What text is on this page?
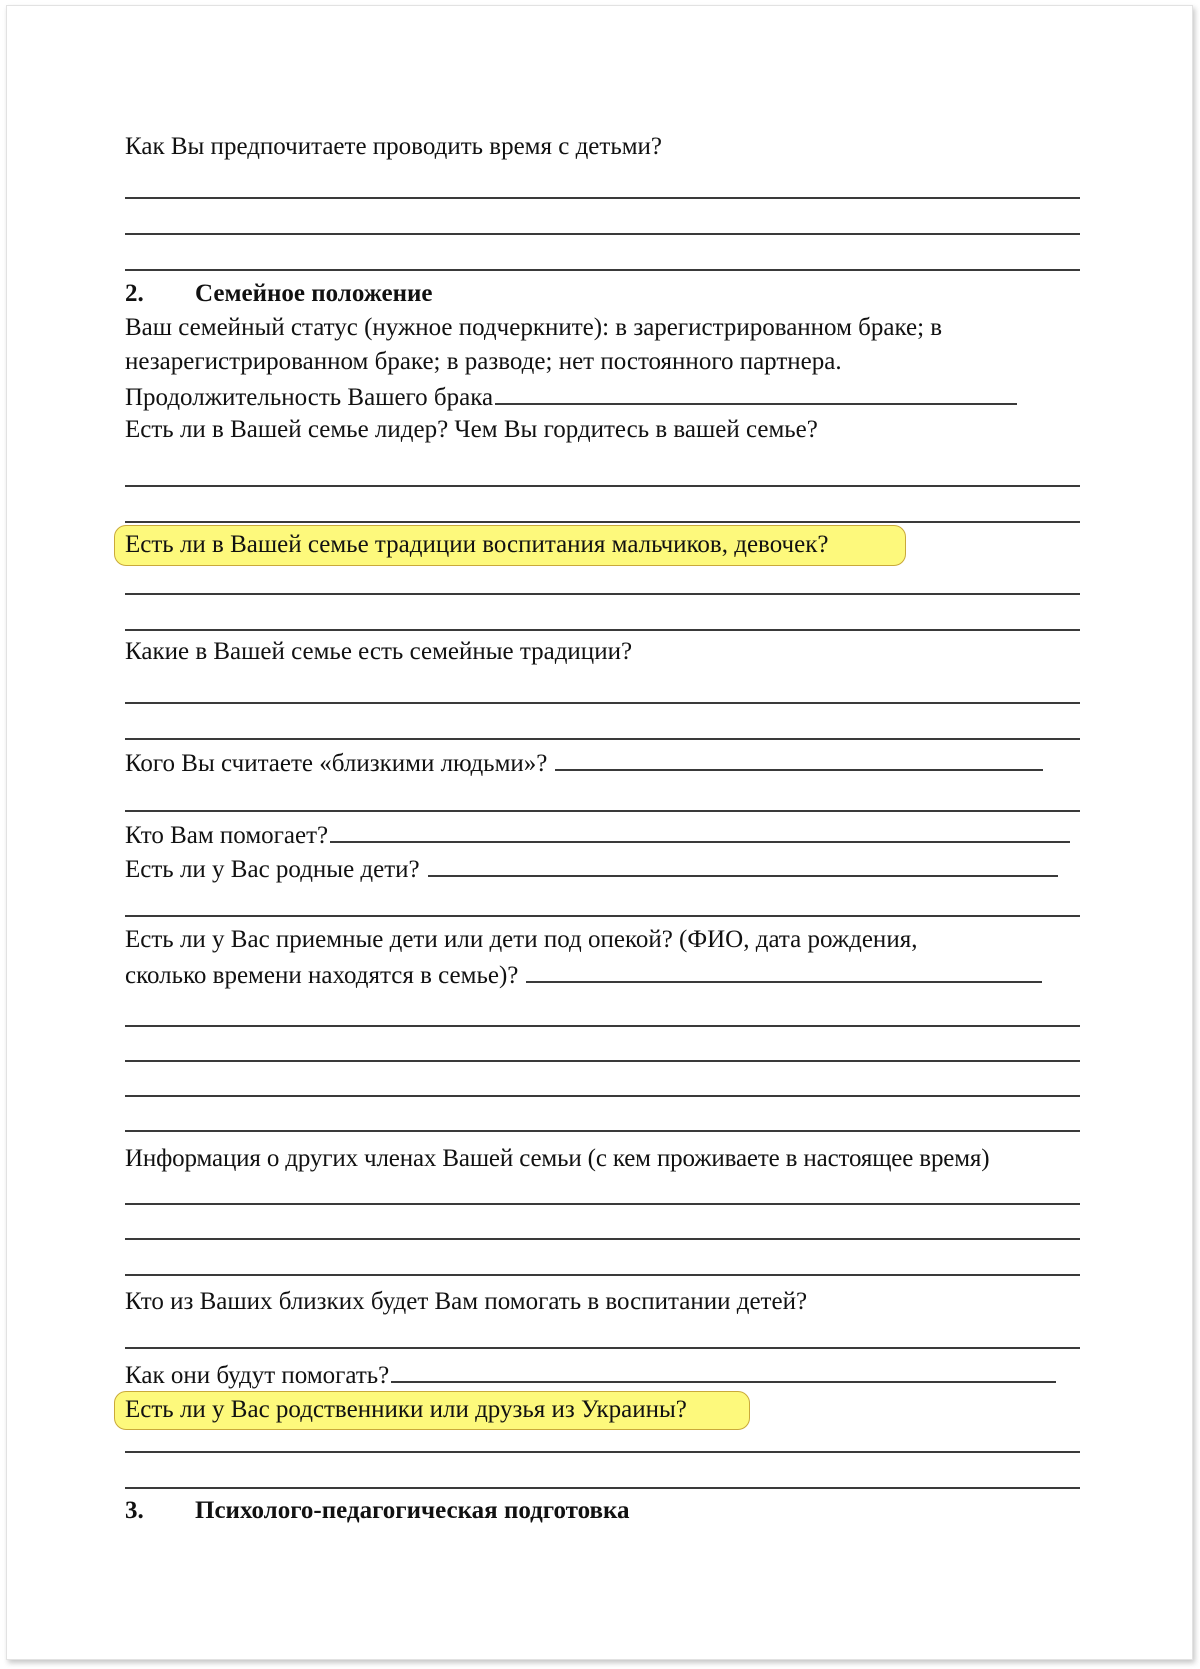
Как Вы предпочитаете проводить время с детьми?
2. Семейное положение
Ваш семейный статус (нужное подчеркните): в зарегистрированном браке; в
незарегистрированном браке; в разводе; нет постоянного партнера.
Продолжительность Вашего брака
Есть ли в Вашей семье лидер? Чем Вы гордитесь в вашей семье?
Есть ли в Вашей семье традиции воспитания мальчиков, девочек?
Какие в Вашей семье есть семейные традиции?
Кого Вы считаете «близкими людьми»?
Кто Вам помогает?
Есть ли у Вас родные дети?
Есть ли у Вас приемные дети или дети под опекой? (ФИО, дата рождения,
сколько времени находятся в семье)?
Информация о других членах Вашей семьи (с кем проживаете в настоящее время)
Кто из Ваших близких будет Вам помогать в воспитании детей?
Как они будут помогать?
Есть ли у Вас родственники или друзья из Украины?
3. Психолого-педагогическая подготовка
